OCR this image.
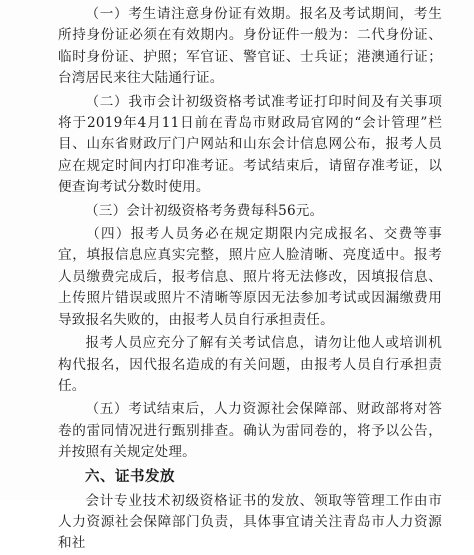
（一）考生请注意身份证有效期。报名及考试期间，考生所持身份证必须在有效期内。身份证件一般为：二代身份证、临时身份证、护照；军官证、警官证、士兵证；港澳通行证；台湾居民来往大陆通行证。

（二）我市会计初级资格考试准考证打印时间及有关事项将于2019年4月11日前在青岛市财政局官网的“会计管理”栏目、山东省财政厅门户网站和山东会计信息网公布，报考人员应在规定时间内打印准考证。考试结束后，请留存准考证，以便查询考试分数时使用。

（三）会计初级资格考务费每科56元。

（四）报考人员务必在规定期限内完成报名、交费等事宜，填报信息应真实完整，照片应人脸清晰、亮度适中。报考人员缴费完成后，报考信息、照片将无法修改，因填报信息、上传照片错误或照片不清晰等原因无法参加考试或因漏缴费用导致报名失败的，由报考人员自行承担责任。

报考人员应充分了解有关考试信息，请勿让他人或培训机构代报名，因代报名造成的有关问题，由报考人员自行承担责任。

（五）考试结束后，人力资源社会保障部、财政部将对答卷的雷同情况进行甄别排查。确认为雷同卷的，将予以公告，并按照有关规定处理。

六、证书发放

会计专业技术初级资格证书的发放、领取等管理工作由市人力资源社会保障部门负责，具体事宜请关注青岛市人力资源和社
